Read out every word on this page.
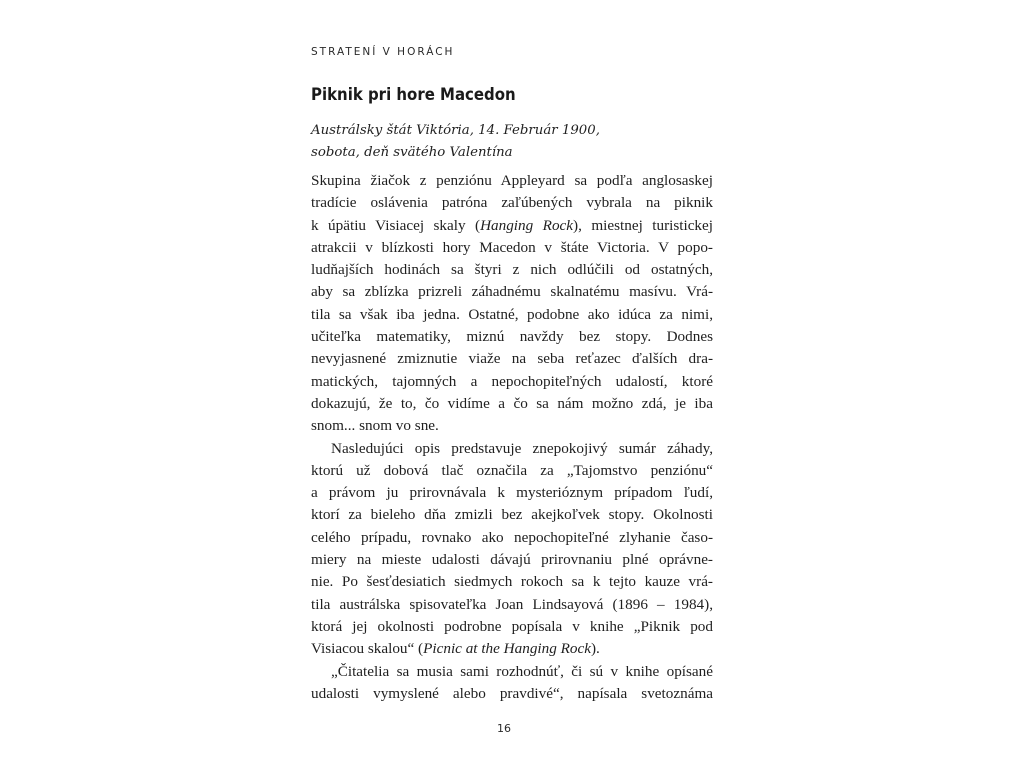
STRATENÍ V HORÁCH
Piknik pri hore Macedon
Austrálsky štát Viktória, 14. Február 1900,
sobota, deň svätého Valentína
Skupina žiačok z penziónu Appleyard sa podľa anglosaskej
tradície oslávenia patróna zaľúbených vybrala na piknik
k úpätiu Visiacej skaly (Hanging Rock), miestnej turistickej
atrakcii v blízkosti hory Macedon v štáte Victoria. V popo-
ludňajších hodinách sa štyri z nich odlúčili od ostatných,
aby sa zblízka prizreli záhadnému skalnatému masívu. Vrá-
tila sa však iba jedna. Ostatné, podobne ako idúca za nimi,
učiteľka matematiky, miznú navždy bez stopy. Dodnes
nevyjasnené zmiznutie viaže na seba reťazec ďalších dra-
matických, tajomných a nepochopiteľných udalostí, ktoré
dokazujú, že to, čo vidíme a čo sa nám možno zdá, je iba
snom... snom vo sne.
Nasledujúci opis predstavuje znepokojivý sumár záhady,
ktorú už dobová tlač označila za „Tajomstvo penziónu“
a právom ju prirovnávala k mysterióznym prípadom ľudí,
ktorí za bieleho dňa zmizli bez akejkoľvek stopy. Okolnosti
celého prípadu, rovnako ako nepochopiteľné zlyhanie časo-
miery na mieste udalosti dávajú prirovnaniu plné oprávne-
nie. Po šesťdesiatich siedmych rokoch sa k tejto kauze vrá-
tila austrálska spisovateľka Joan Lindsayová (1896 – 1984),
ktorá jej okolnosti podrobne popísala v knihe „Piknik pod
Visiacou skalou“ (Picnic at the Hanging Rock).
„Čitatelia sa musia sami rozhodnúť, či sú v knihe opísané
udalosti vymyslené alebo pravdivé“, napísala svetoznáma
16
